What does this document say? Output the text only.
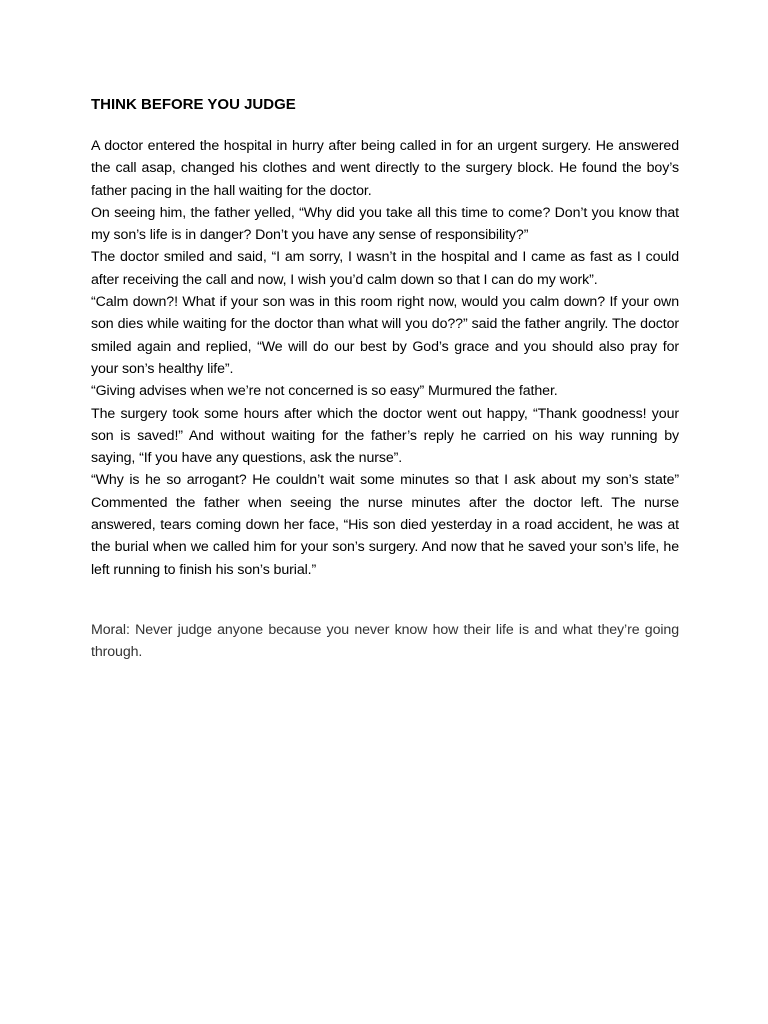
THINK BEFORE YOU JUDGE

A doctor entered the hospital in hurry after being called in for an urgent surgery. He answered the call asap, changed his clothes and went directly to the surgery block. He found the boy’s father pacing in the hall waiting for the doctor.

On seeing him, the father yelled, “Why did you take all this time to come? Don’t you know that my son’s life is in danger? Don’t you have any sense of responsibility?”

The doctor smiled and said, “I am sorry, I wasn’t in the hospital and I came as fast as I could after receiving the call and now, I wish you’d calm down so that I can do my work”.

“Calm down?! What if your son was in this room right now, would you calm down? If your own son dies while waiting for the doctor than what will you do??” said the father angrily. The doctor smiled again and replied, “We will do our best by God’s grace and you should also pray for your son’s healthy life”.

“Giving advises when we’re not concerned is so easy” Murmured the father.

The surgery took some hours after which the doctor went out happy, “Thank goodness! your son is saved!” And without waiting for the father’s reply he carried on his way running by saying, “If you have any questions, ask the nurse”.

“Why is he so arrogant? He couldn’t wait some minutes so that I ask about my son’s state” Commented the father when seeing the nurse minutes after the doctor left. The nurse answered, tears coming down her face, “His son died yesterday in a road accident, he was at the burial when we called him for your son’s surgery. And now that he saved your son’s life, he left running to finish his son’s burial.”

Moral: Never judge anyone because you never know how their life is and what they’re going through.
